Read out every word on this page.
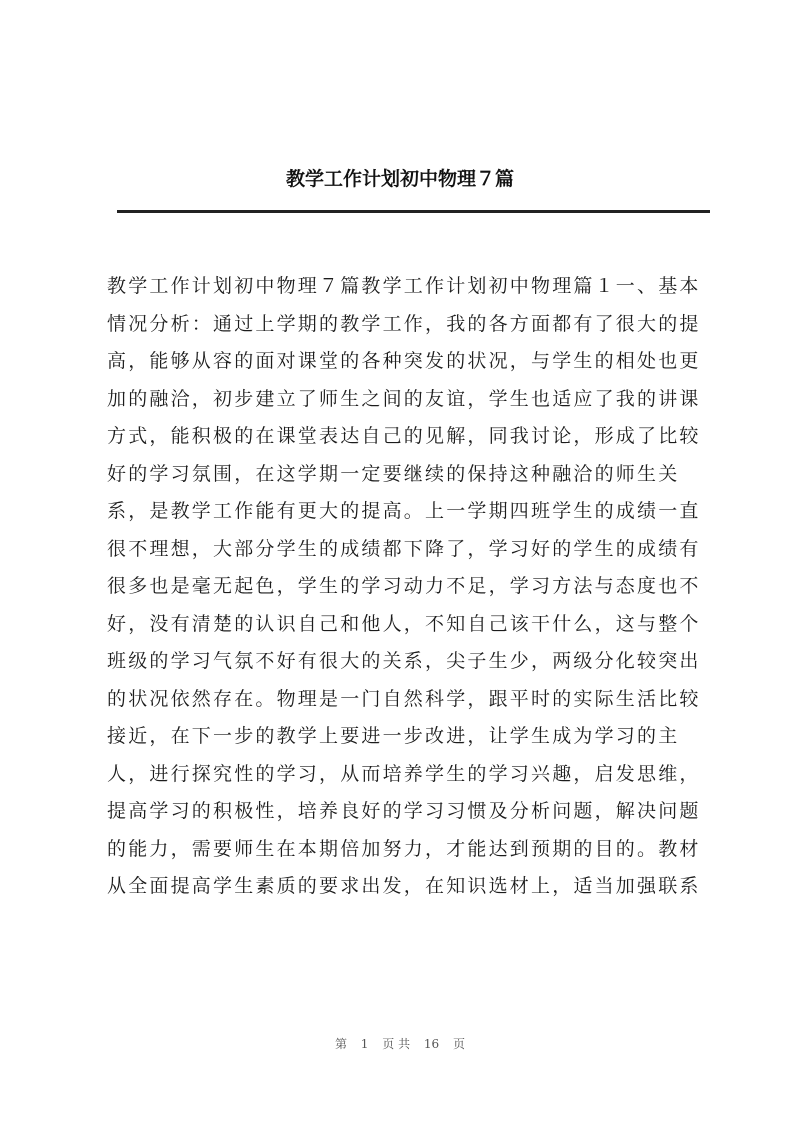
教学工作计划初中物理７篇
教学工作计划初中物理７篇教学工作计划初中物理篇１一、基本
情况分析：通过上学期的教学工作，我的各方面都有了很大的提
高，能够从容的面对课堂的各种突发的状况，与学生的相处也更
加的融洽，初步建立了师生之间的友谊，学生也适应了我的讲课
方式，能积极的在课堂表达自己的见解，同我讨论，形成了比较
好的学习氛围，在这学期一定要继续的保持这种融洽的师生关
系，是教学工作能有更大的提高。上一学期四班学生的成绩一直
很不理想，大部分学生的成绩都下降了，学习好的学生的成绩有
很多也是毫无起色，学生的学习动力不足，学习方法与态度也不
好，没有清楚的认识自己和他人，不知自己该干什么，这与整个
班级的学习气氛不好有很大的关系，尖子生少，两级分化较突出
的状况依然存在。物理是一门自然科学，跟平时的实际生活比较
接近，在下一步的教学上要进一步改进，让学生成为学习的主
人，进行探究性的学习，从而培养学生的学习兴趣，启发思维，
提高学习的积极性，培养良好的学习习惯及分析问题，解决问题
的能力，需要师生在本期倍加努力，才能达到预期的目的。教材
从全面提高学生素质的要求出发，在知识选材上，适当加强联系
第 1 页 共 16 页
